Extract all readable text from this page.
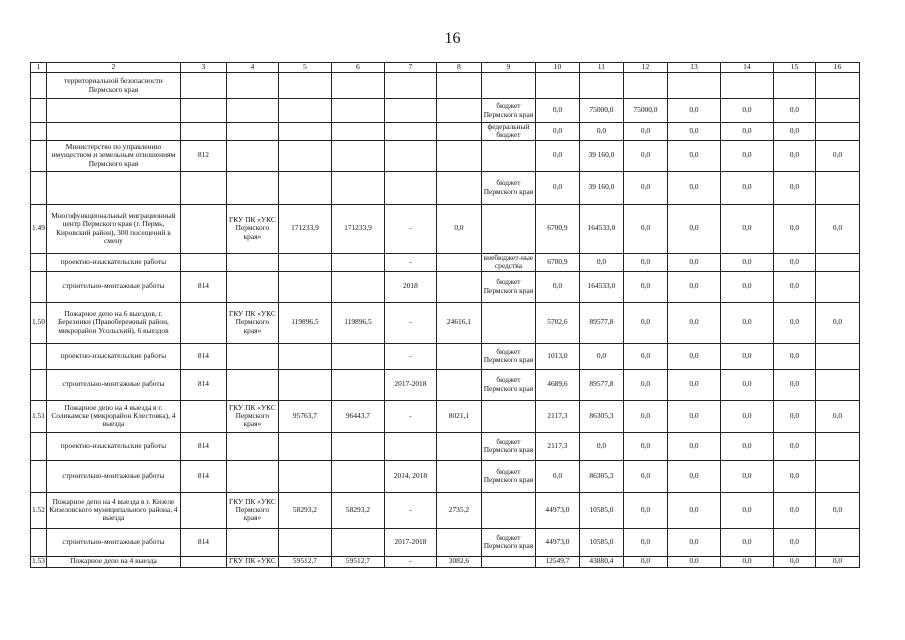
16
1	2	3	4	5	6	7	8	9	10	11	12	13	14	15	16
	территориальной безопасности Пермского края														
								бюджет Пермского края	0,0	75000,0	75000,0	0,0	0,0	0,0	
								федеральный бюджет	0,0	0,0	0,0	0,0	0,0	0,0	
	Министерство по управлению имуществом и земельным отношениям Пермского края	812							0,0	39 160,0	0,0	0,0	0,0	0,0	0,0
								бюджет Пермского края	0,0	39 160,0	0,0	0,0	0,0	0,0	
1.49	Многофункциональный миграционный центр Пермского края (г. Пермь, Кировский район), 300 посещений в смену		ГКУ ПК «УКС Пермского края»	171233,9	171233,9	-	0,0		6700,9	164533,0	0,0	0,0	0,0	0,0	0,0
	проектно-изыскательские работы					-		внебюджет-ные средства	6700,9	0,0	0,0	0,0	0,0	0,0	
	строительно-монтажные работы	814				2018		бюджет Пермского края	0,0	164533,0	0,0	0,0	0,0	0,0	
1.50	Пожарное депо на 6 выездов, г. Березники (Правобережный район, микрорайон Усольский), 6 выездов		ГКУ ПК «УКС Пермского края»	119896,5	119896,5	-	24616,1		5702,6	89577,8	0,0	0,0	0,0	0,0	0,0
	проектно-изыскательские работы	814				-		бюджет Пермского края	1013,0	0,0	0,0	0,0	0,0	0,0	
	строительно-монтажные работы	814				2017-2018		бюджет Пермского края	4689,6	89577,8	0,0	0,0	0,0	0,0	
1.51	Пожарное депо на 4 выезда в г. Соликамске (микрорайон Клестовка), 4 выезда		ГКУ ПК «УКС Пермского края»	95763,7	96443,7	-	8021,1		2117,3	86305,3	0,0	0,0	0,0	0,0	0,0
	проектно-изыскательские работы	814						бюджет Пермского края	2117,3	0,0	0,0	0,0	0,0	0,0	
	строительно-монтажные работы	814				2014, 2018		бюджет Пермского края	0,0	86305,3	0,0	0,0	0,0	0,0	
1.52	Пожарное депо на 4 выезда в г. Кизеле Кизеловского муниципального района, 4 выезда		ГКУ ПК «УКС Пермского края»	58293,2	58293,2	-	2735,2		44973,0	10585,0	0,0	0,0	0,0	0,0	0,0
	строительно-монтажные работы	814				2017-2018		бюджет Пермского края	44973,0	10585,0	0,0	0,0	0,0	0,0	
1.53	Пожарное депо на 4 выезда		ГКУ ПК «УКС	59512,7	59512,7	-	3082,6		12549,7	43880,4	0,0	0,0	0,0	0,0	0,0
